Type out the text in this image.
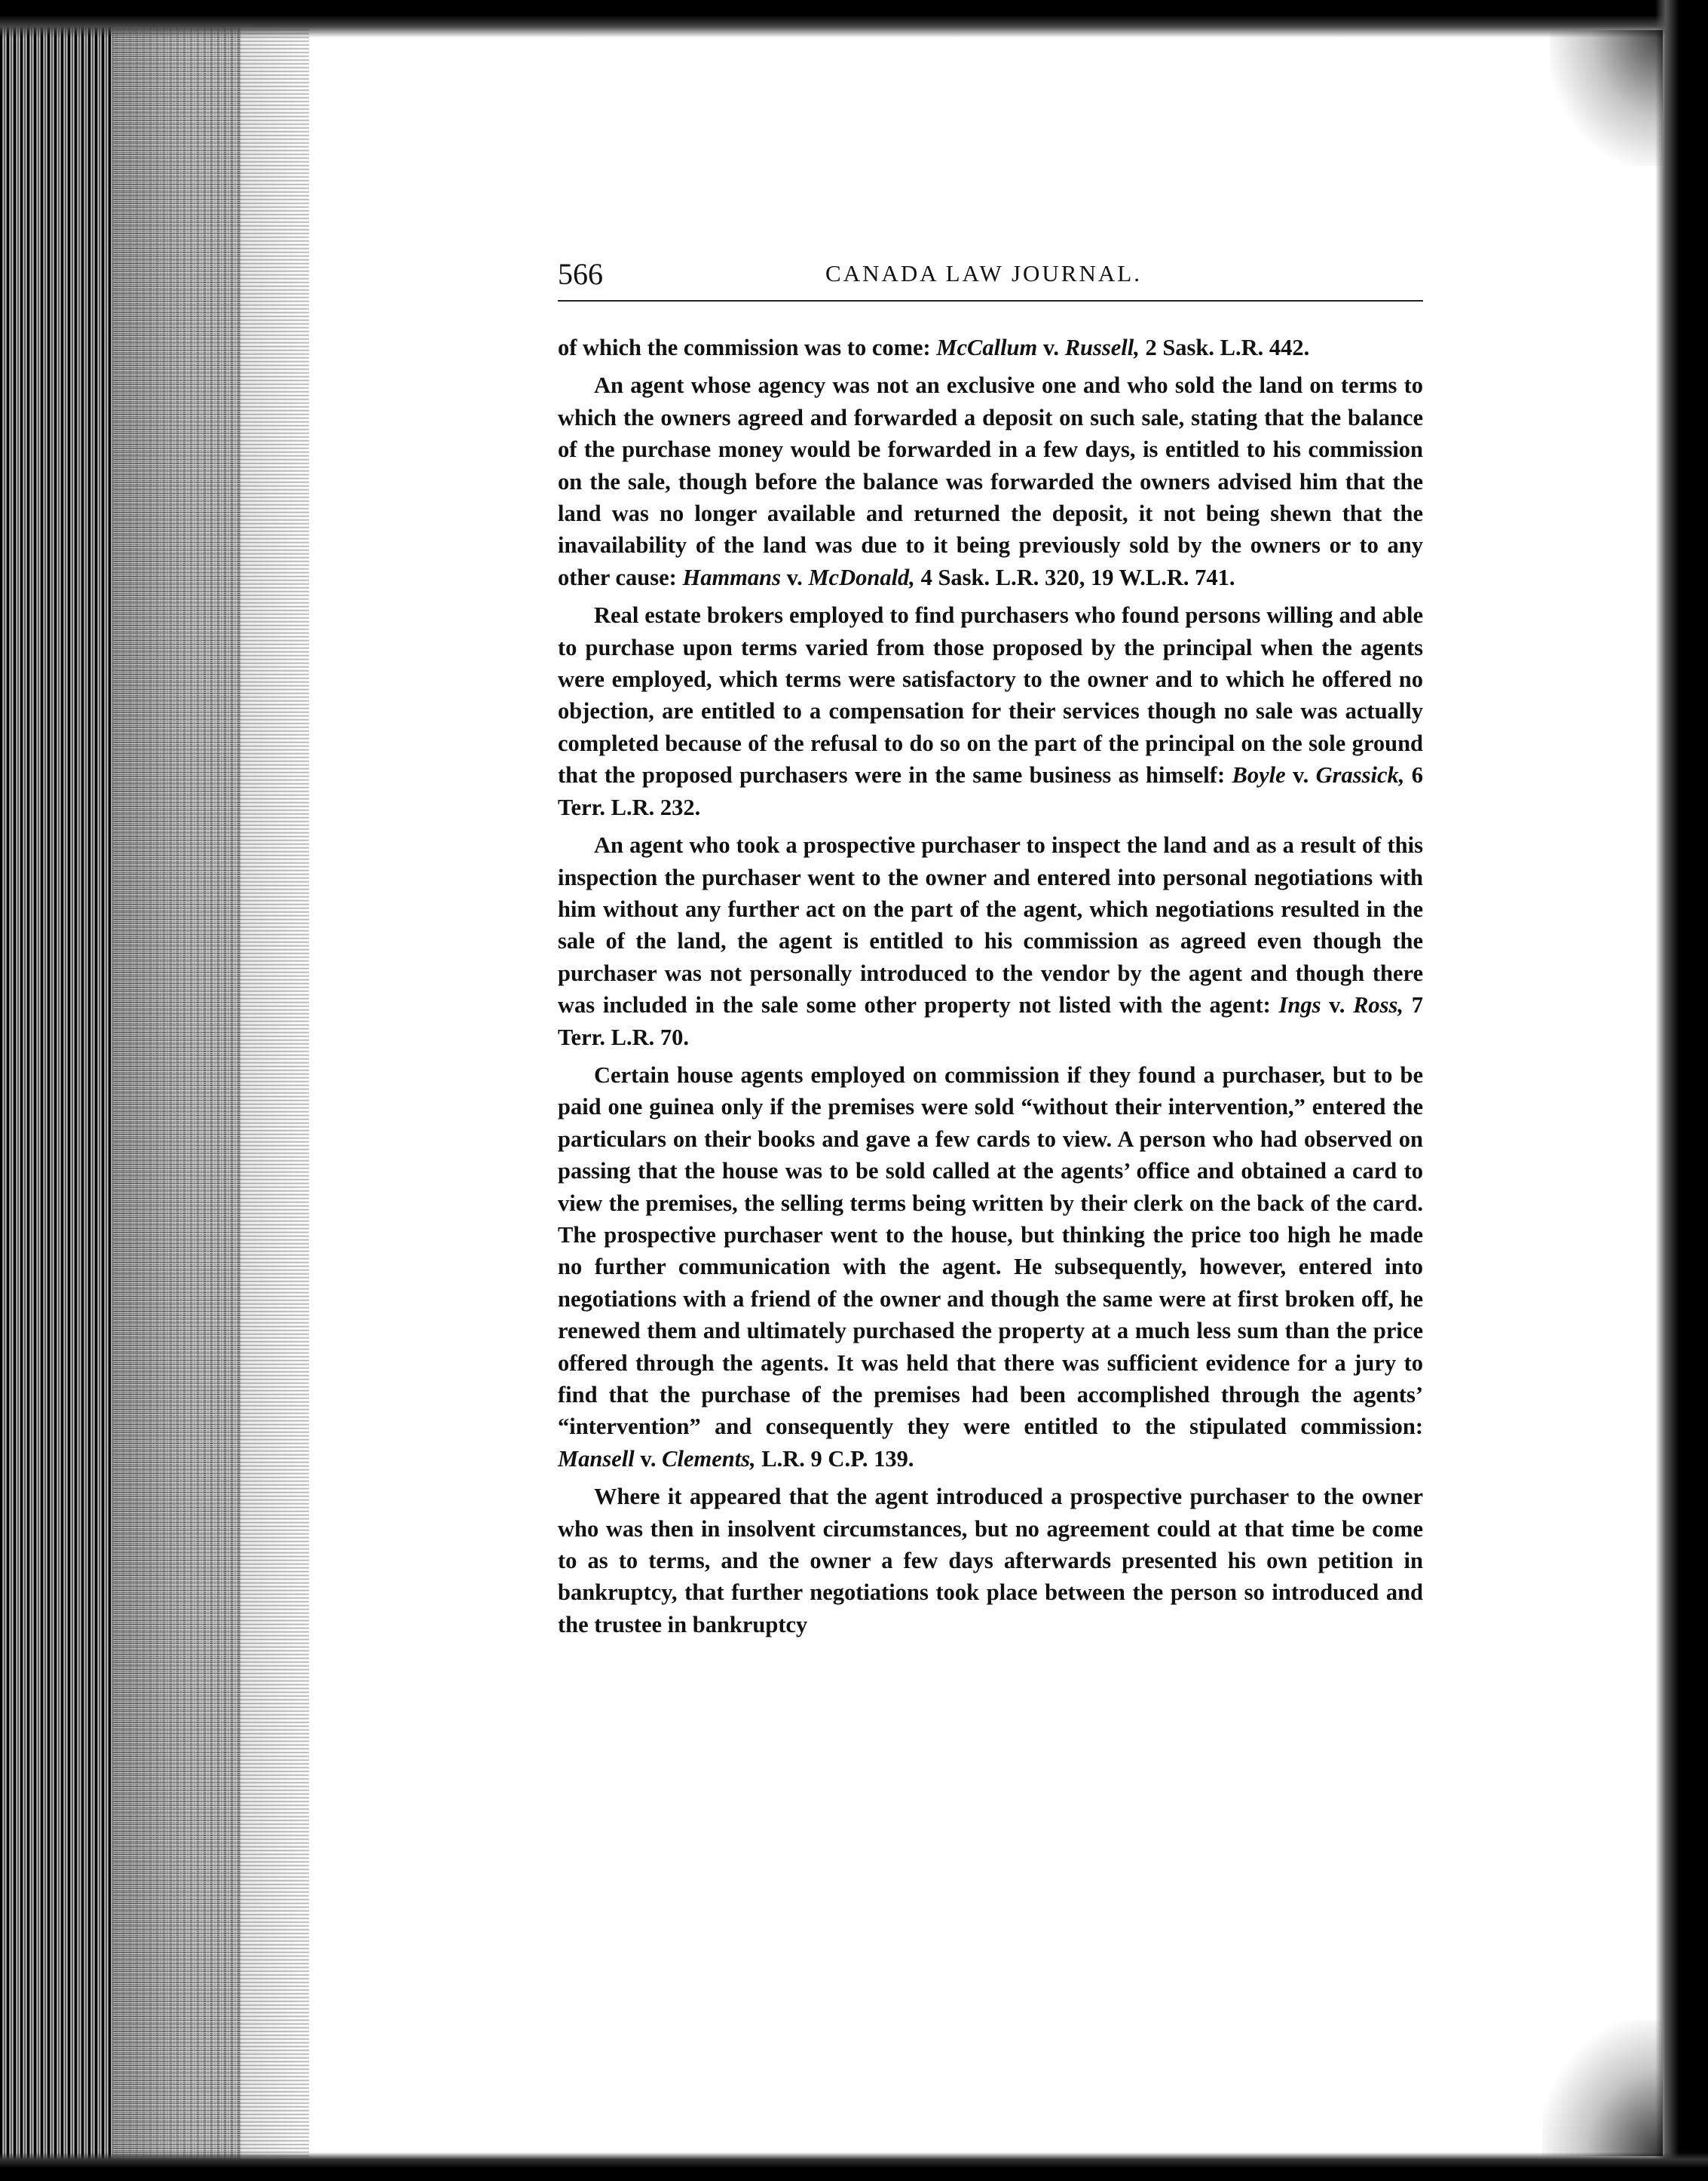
566	CANADA LAW JOURNAL.

of which the commission was to come: McCallum v. Russell, 2 Sask. L.R. 442.

An agent whose agency was not an exclusive one and who sold the land on terms to which the owners agreed and forwarded a deposit on such sale, stating that the balance of the purchase money would be forwarded in a few days, is entitled to his commission on the sale, though before the balance was forwarded the owners advised him that the land was no longer available and returned the deposit, it not being shewn that the inavailability of the land was due to it being previously sold by the owners or to any other cause: Hammans v. McDonald, 4 Sask. L.R. 320, 19 W.L.R. 741.

Real estate brokers employed to find purchasers who found persons willing and able to purchase upon terms varied from those proposed by the principal when the agents were employed, which terms were satisfactory to the owner and to which he offered no objection, are entitled to a compensation for their services though no sale was actually completed because of the refusal to do so on the part of the principal on the sole ground that the proposed purchasers were in the same business as himself: Boyle v. Grassick, 6 Terr. L.R. 232.

An agent who took a prospective purchaser to inspect the land and as a result of this inspection the purchaser went to the owner and entered into personal negotiations with him without any further act on the part of the agent, which negotiations resulted in the sale of the land, the agent is entitled to his commission as agreed even though the purchaser was not personally introduced to the vendor by the agent and though there was included in the sale some other property not listed with the agent: Ings v. Ross, 7 Terr. L.R. 70.

Certain house agents employed on commission if they found a purchaser, but to be paid one guinea only if the premises were sold “without their intervention,” entered the particulars on their books and gave a few cards to view. A person who had observed on passing that the house was to be sold called at the agents’ office and obtained a card to view the premises, the selling terms being written by their clerk on the back of the card. The prospective purchaser went to the house, but thinking the price too high he made no further communication with the agent. He subsequently, however, entered into negotiations with a friend of the owner and though the same were at first broken off, he renewed them and ultimately purchased the property at a much less sum than the price offered through the agents. It was held that there was sufficient evidence for a jury to find that the purchase of the premises had been accomplished through the agents’ “intervention” and consequently they were entitled to the stipulated commission: Mansell v. Clements, L.R. 9 C.P. 139.

Where it appeared that the agent introduced a prospective purchaser to the owner who was then in insolvent circumstances, but no agreement could at that time be come to as to terms, and the owner a few days afterwards presented his own petition in bankruptcy, that further negotiations took place between the person so introduced and the trustee in bankruptcy
